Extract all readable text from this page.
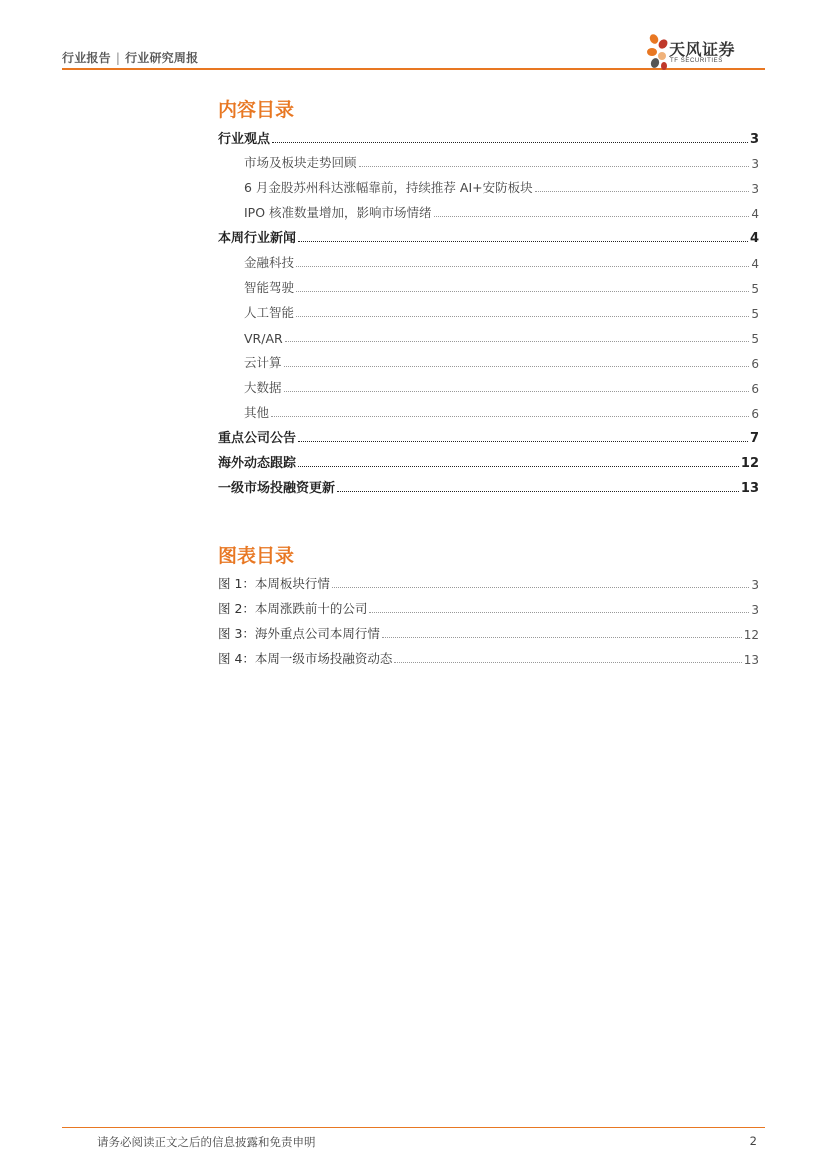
行业报告 | 行业研究周报	天风证券
TF SECURITIES
内容目录
行业观点	3
市场及板块走势回顾	3
6 月金股苏州科达涨幅靠前，持续推荐 AI+安防板块	3
IPO 核准数量增加，影响市场情绪	4
本周行业新闻	4
金融科技	4
智能驾驶	5
人工智能	5
VR/AR	5
云计算	6
大数据	6
其他	6
重点公司公告	7
海外动态跟踪	12
一级市场投融资更新	13
图表目录
图 1：本周板块行情	3
图 2：本周涨跌前十的公司	3
图 3：海外重点公司本周行情	12
图 4：本周一级市场投融资动态	13
请务必阅读正文之后的信息披露和免责申明	2
